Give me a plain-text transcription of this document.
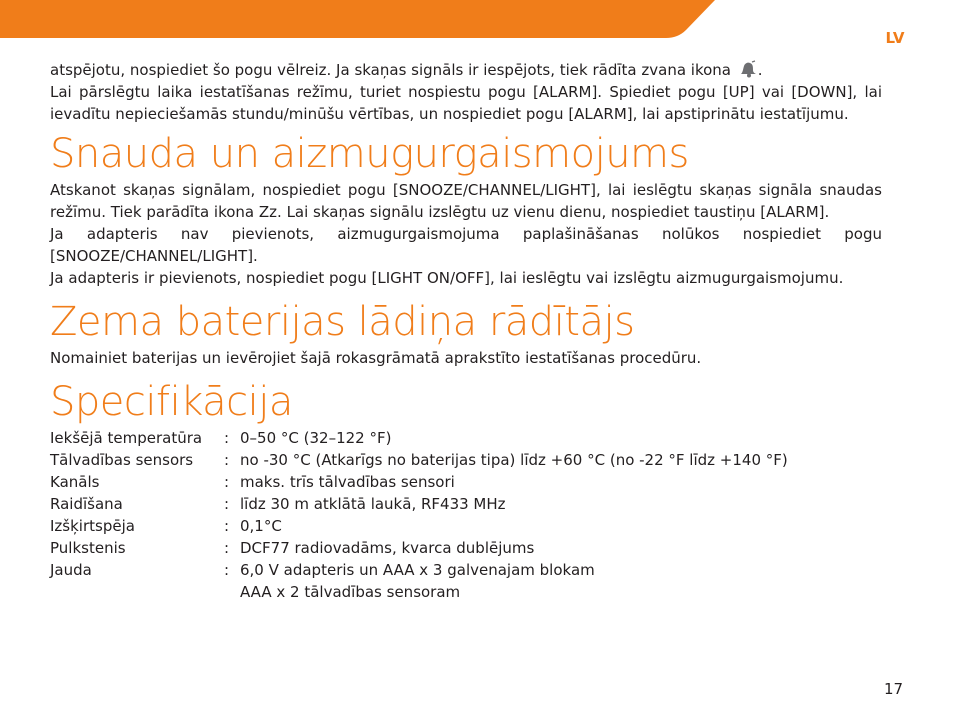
LV

atspējotu, nospiediet šo pogu vēlreiz. Ja skaņas signāls ir iespējots, tiek rādīta zvana ikona .

Lai pārslēgtu laika iestatīšanas režīmu, turiet nospiestu pogu [ALARM]. Spiediet pogu [UP] vai [DOWN], lai ievadītu nepieciešamās stundu/minūšu vērtības, un nospiediet pogu [ALARM], lai apstiprinātu iestatījumu.

Snauda un aizmugurgaismojums

Atskanot skaņas signālam, nospiediet pogu [SNOOZE/CHANNEL/LIGHT], lai ieslēgtu skaņas signāla snaudas režīmu. Tiek parādīta ikona Zz. Lai skaņas signālu izslēgtu uz vienu dienu, nospiediet taustiņu [ALARM].

Ja adapteris nav pievienots, aizmugurgaismojuma paplašināšanas nolūkos nospiediet pogu [SNOOZE/CHANNEL/LIGHT].

Ja adapteris ir pievienots, nospiediet pogu [LIGHT ON/OFF], lai ieslēgtu vai izslēgtu aizmugurgaismojumu.

Zema baterijas lādiņa rādītājs

Nomainiet baterijas un ievērojiet šajā rokasgrāmatā aprakstīto iestatīšanas procedūru.

Specifikācija
Iekšējā temperatūra	:	0–50 °C (32–122 °F)
Tālvadības sensors	:	no -30 °C (Atkarīgs no baterijas tipa) līdz +60 °C (no -22 °F līdz +140 °F)
Kanāls	:	maks. trīs tālvadības sensori
Raidīšana	:	līdz 30 m atklātā laukā, RF433 MHz
Izšķirtspēja	:	0,1°C
Pulkstenis	:	DCF77 radiovadāms, kvarca dublējums
Jauda	:	6,0 V adapteris un AAA x 3 galvenajam blokam
		AAA x 2 tālvadības sensoram
17
